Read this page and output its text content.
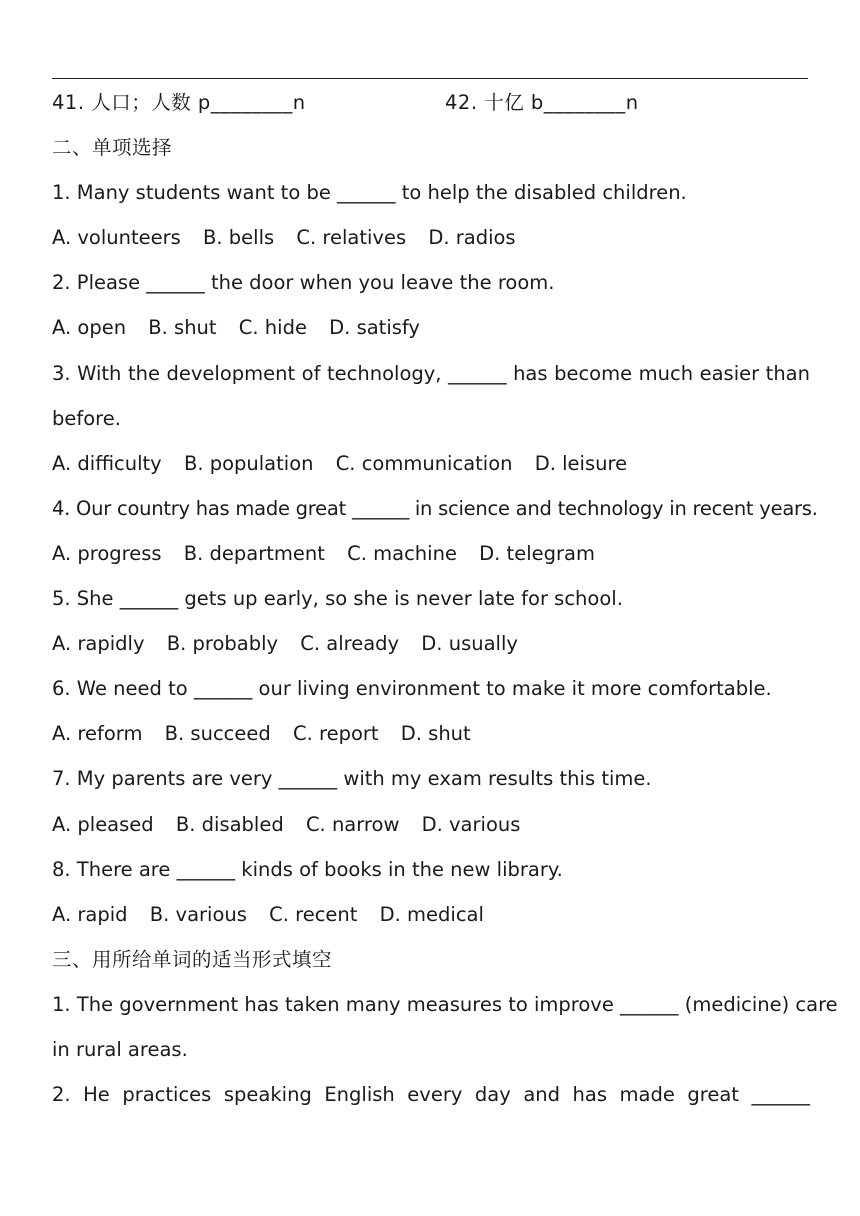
41. 人口；人数 p________n	42. 十亿 b________n
二、单项选择
1. Many students want to be ______ to help the disabled children.
A. volunteers B. bells C. relatives D. radios
2. Please ______ the door when you leave the room.
A. open B. shut C. hide D. satisfy
3. With the development of technology, ______ has become much easier than
before.
A. difficulty B. population C. communication D. leisure
4. Our country has made great ______ in science and technology in recent years.
A. progress B. department C. machine D. telegram
5. She ______ gets up early, so she is never late for school.
A. rapidly B. probably C. already D. usually
6. We need to ______ our living environment to make it more comfortable.
A. reform B. succeed C. report D. shut
7. My parents are very ______ with my exam results this time.
A. pleased B. disabled C. narrow D. various
8. There are ______ kinds of books in the new library.
A. rapid B. various C. recent D. medical
三、用所给单词的适当形式填空
1. The government has taken many measures to improve ______ (medicine) care
in rural areas.
2. He practices speaking English every day and has made great ______
